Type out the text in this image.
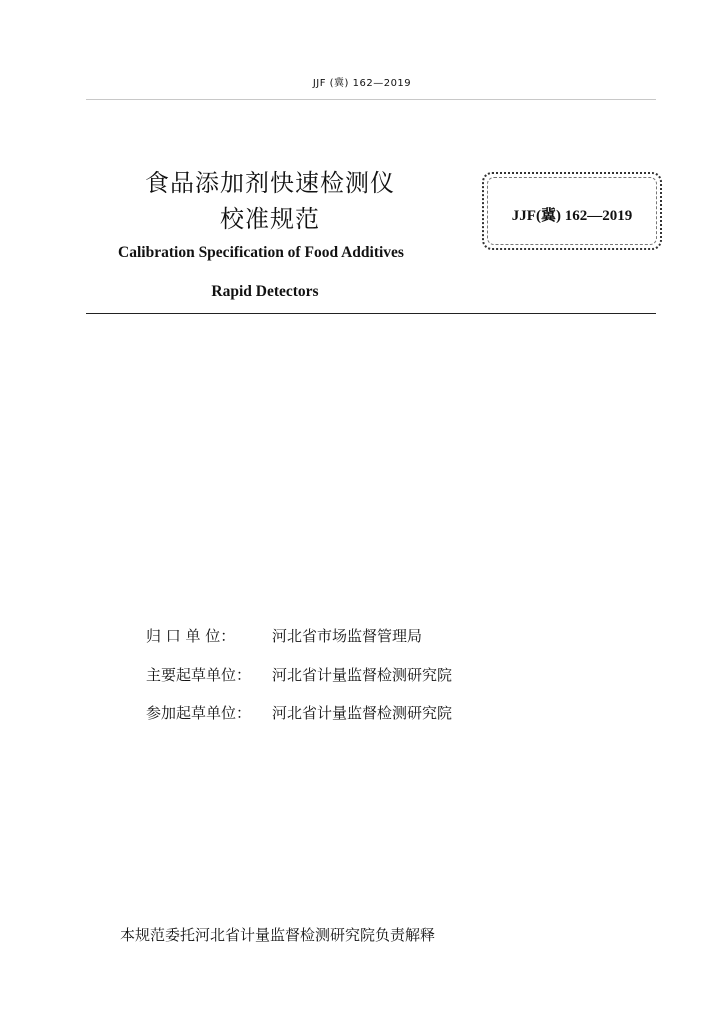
JJF (冀) 162—2019
食品添加剂快速检测仪
校准规范
Calibration Specification of Food Additives
Rapid Detectors
JJF(冀) 162—2019
归 口 单 位： 河北省市场监督管理局
主要起草单位： 河北省计量监督检测研究院
参加起草单位： 河北省计量监督检测研究院
本规范委托河北省计量监督检测研究院负责解释
